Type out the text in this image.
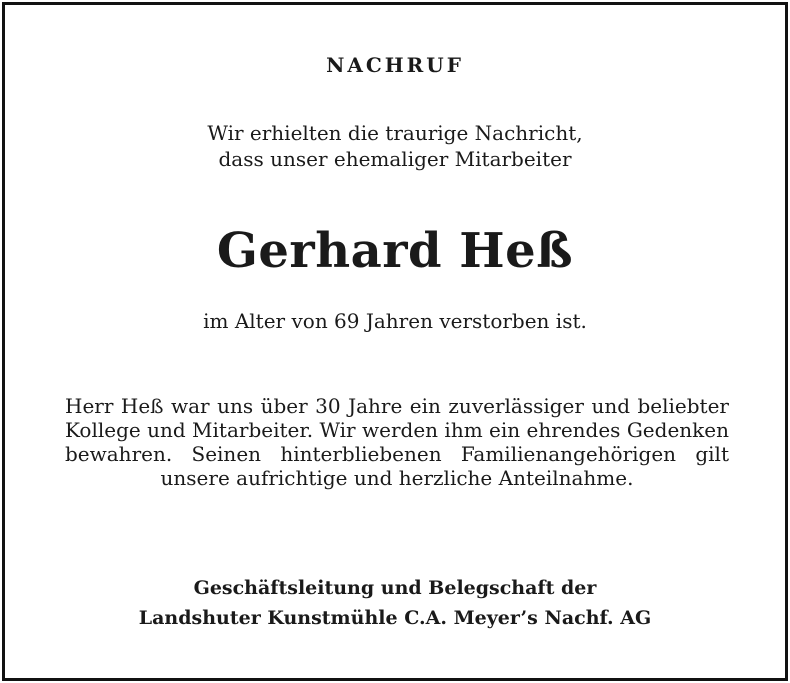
NACHRUF
Wir erhielten die traurige Nachricht,
dass unser ehemaliger Mitarbeiter
Gerhard Heß
im Alter von 69 Jahren verstorben ist.
Herr Heß war uns über 30 Jahre ein zuverlässiger und beliebter Kollege und Mitarbeiter. Wir werden ihm ein ehrendes Gedenken bewahren. Seinen hinterbliebenen Familienangehörigen gilt unsere aufrichtige und herzliche Anteilnahme.
Geschäftsleitung und Belegschaft der
Landshuter Kunstmühle C.A. Meyer’s Nachf. AG
